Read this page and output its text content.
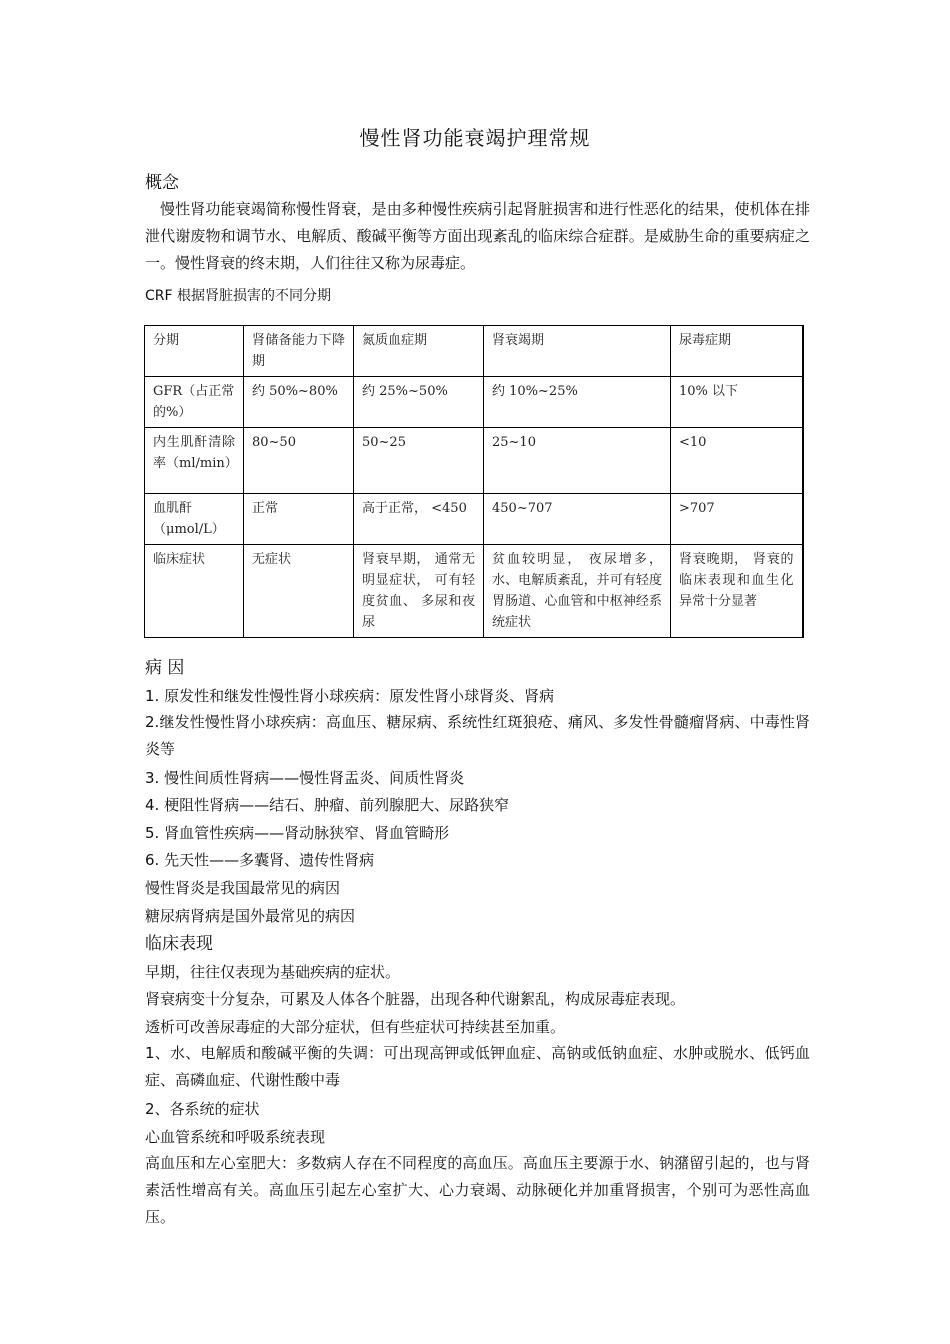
慢性肾功能衰竭护理常规
概念
慢性肾功能衰竭简称慢性肾衰，是由多种慢性疾病引起肾脏损害和进行性恶化的结果，使机体在排泄代谢废物和调节水、电解质、酸碱平衡等方面出现紊乱的临床综合症群。是威胁生命的重要病症之一。慢性肾衰的终末期，人们往往又称为尿毒症。
CRF 根据肾脏损害的不同分期
分期	肾储备能力下降期	氮质血症期	肾衰竭期	尿毒症期
GFR（占正常的%）	约 50%~80%	约 25%~50%	约 10%~25%	10% 以下
内生肌酐清除率（ml/min）	80~50	50~25	25~10	<10
血肌酐（μmol/L）	正常	高于正常， <450	450~707	>707
临床症状	无症状	肾衰早期， 通常无明显症状， 可有轻度贫血、 多尿和夜尿	贫血较明显， 夜尿增多，水、电解质紊乱，并可有轻度胃肠道、心血管和中枢神经系统症状	肾衰晚期， 肾衰的临床表现和血生化异常十分显著
病 因
1. 原发性和继发性慢性肾小球疾病：原发性肾小球肾炎、肾病
2.继发性慢性肾小球疾病：高血压、糖尿病、系统性红斑狼疮、痛风、多发性骨髓瘤肾病、中毒性肾炎等
3. 慢性间质性肾病——慢性肾盂炎、间质性肾炎
4. 梗阻性肾病——结石、肿瘤、前列腺肥大、尿路狭窄
5. 肾血管性疾病——肾动脉狭窄、肾血管畸形
6. 先天性——多囊肾、遗传性肾病
慢性肾炎是我国最常见的病因
糖尿病肾病是国外最常见的病因
临床表现
早期，往往仅表现为基础疾病的症状。
肾衰病变十分复杂，可累及人体各个脏器，出现各种代谢絮乱，构成尿毒症表现。
透析可改善尿毒症的大部分症状，但有些症状可持续甚至加重。
1、水、电解质和酸碱平衡的失调：可出现高钾或低钾血症、高钠或低钠血症、水肿或脱水、低钙血症、高磷血症、代谢性酸中毒
2、各系统的症状
心血管系统和呼吸系统表现
高血压和左心室肥大：多数病人存在不同程度的高血压。高血压主要源于水、钠潴留引起的，也与肾素活性增高有关。高血压引起左心室扩大、心力衰竭、动脉硬化并加重肾损害，个别可为恶性高血压。
